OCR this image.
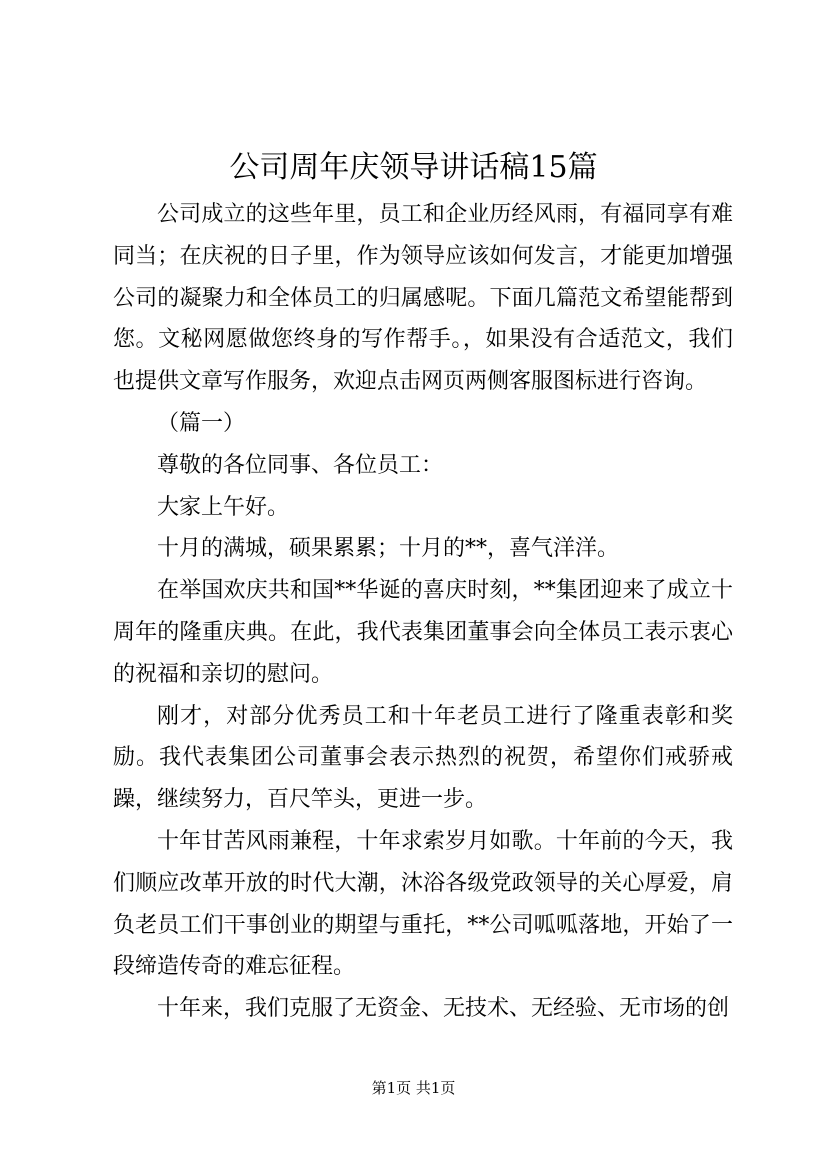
公司周年庆领导讲话稿15篇

公司成立的这些年里，员工和企业历经风雨，有福同享有难同当；在庆祝的日子里，作为领导应该如何发言，才能更加增强公司的凝聚力和全体员工的归属感呢。下面几篇范文希望能帮到您。文秘网愿做您终身的写作帮手。，如果没有合适范文，我们也提供文章写作服务，欢迎点击网页两侧客服图标进行咨询。

（篇一）

尊敬的各位同事、各位员工：

大家上午好。

十月的满城，硕果累累；十月的**，喜气洋洋。

在举国欢庆共和国**华诞的喜庆时刻，**集团迎来了成立十周年的隆重庆典。在此，我代表集团董事会向全体员工表示衷心的祝福和亲切的慰问。

刚才，对部分优秀员工和十年老员工进行了隆重表彰和奖励。我代表集团公司董事会表示热烈的祝贺，希望你们戒骄戒躁，继续努力，百尺竿头，更进一步。

十年甘苦风雨兼程，十年求索岁月如歌。十年前的今天，我们顺应改革开放的时代大潮，沐浴各级党政领导的关心厚爱，肩负老员工们干事创业的期望与重托，**公司呱呱落地，开始了一段缔造传奇的难忘征程。

十年来，我们克服了无资金、无技术、无经验、无市场的创

第1页 共1页
